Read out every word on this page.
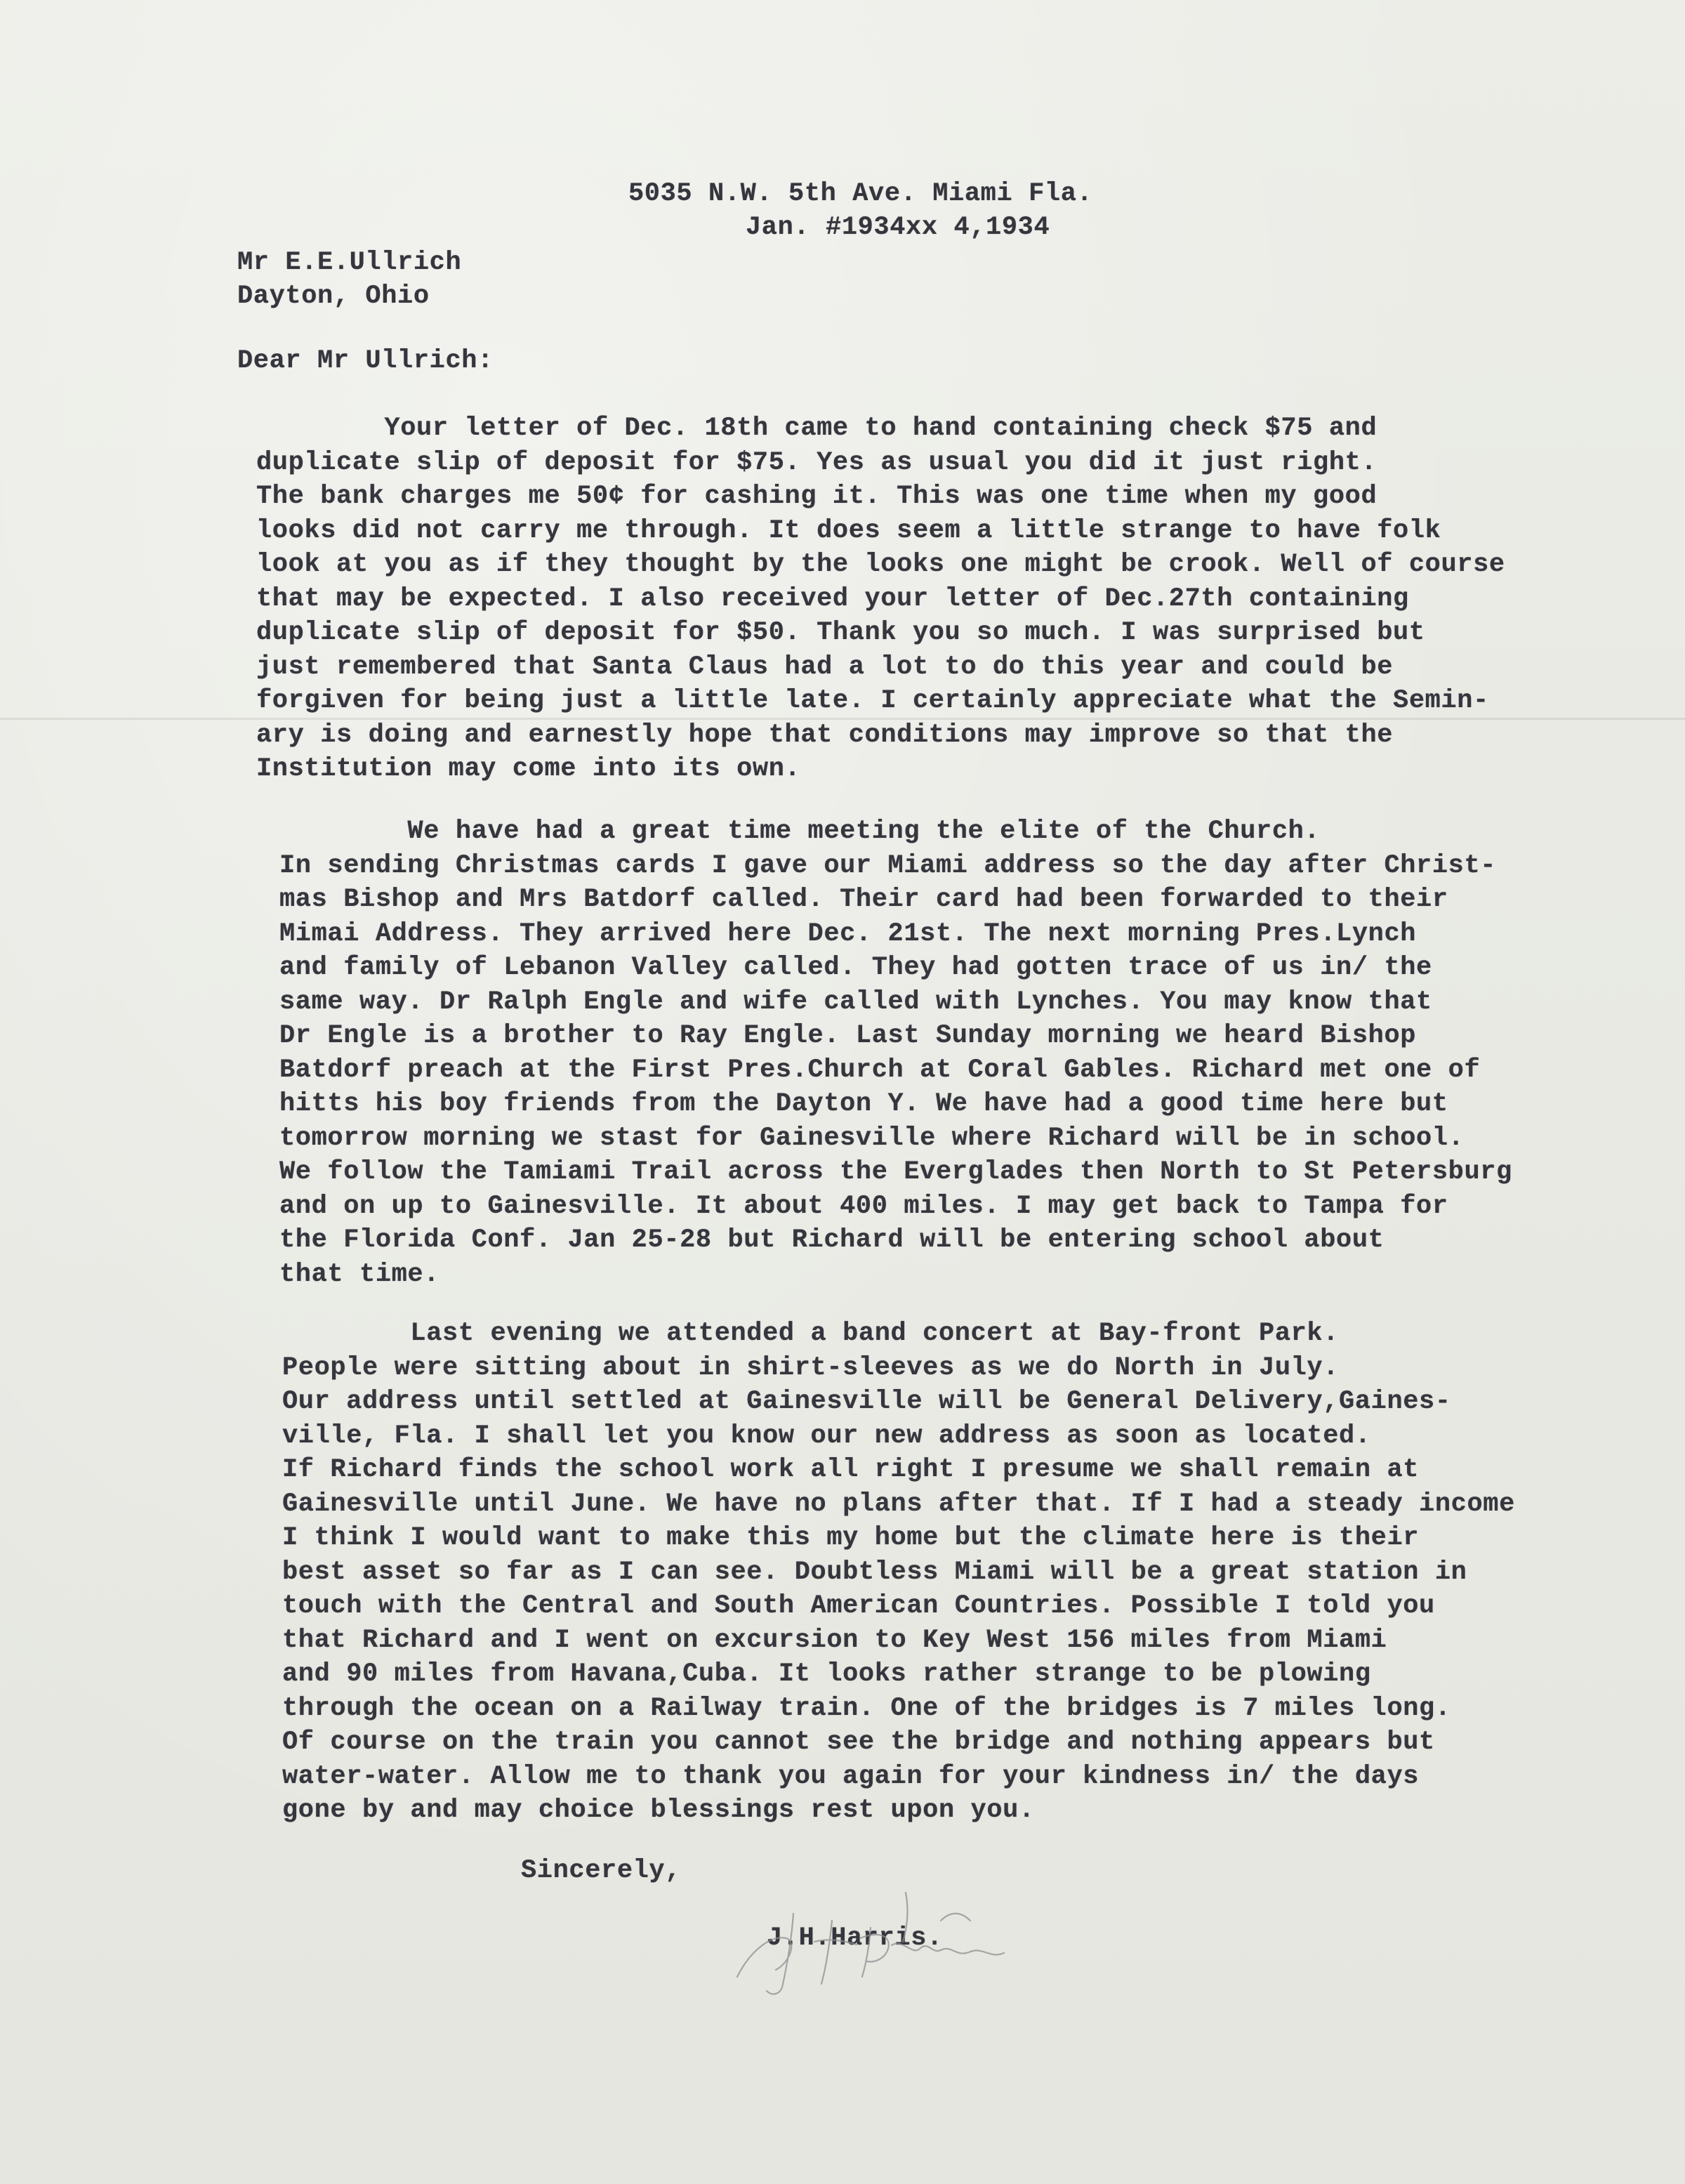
5035 N.W. 5th Ave. Miami Fla.
Jan. #1934xx 4,1934
Mr E.E.Ullrich
Dayton, Ohio
Dear Mr Ullrich:
Your letter of Dec. 18th came to hand containing check $75 and
duplicate slip of deposit for $75. Yes as usual you did it just right.
The bank charges me 50¢ for cashing it. This was one time when my good
looks did not carry me through. It does seem a little strange to have folk
look at you as if they thought by the looks one might be crook. Well of course
that may be expected. I also received your letter of Dec.27th containing
duplicate slip of deposit for $50. Thank you so much. I was surprised but
just remembered that Santa Claus had a lot to do this year and could be
forgiven for being just a little late. I certainly appreciate what the Semin-
ary is doing and earnestly hope that conditions may improve so that the
Institution may come into its own.
We have had a great time meeting the elite of the Church.
In sending Christmas cards I gave our Miami address so the day after Christ-
mas Bishop and Mrs Batdorf called. Their card had been forwarded to their
Mimai Address. They arrived here Dec. 21st. The next morning Pres.Lynch
and family of Lebanon Valley called. They had gotten trace of us in/ the
same way. Dr Ralph Engle and wife called with Lynches. You may know that
Dr Engle is a brother to Ray Engle. Last Sunday morning we heard Bishop
Batdorf preach at the First Pres.Church at Coral Gables. Richard met one of
hitts his boy friends from the Dayton Y. We have had a good time here but
tomorrow morning we stast for Gainesville where Richard will be in school.
We follow the Tamiami Trail across the Everglades then North to St Petersburg
and on up to Gainesville. It about 400 miles. I may get back to Tampa for
the Florida Conf. Jan 25-28 but Richard will be entering school about
that time.
Last evening we attended a band concert at Bay-front Park.
People were sitting about in shirt-sleeves as we do North in July.
Our address until settled at Gainesville will be General Delivery,Gaines-
ville, Fla. I shall let you know our new address as soon as located.
If Richard finds the school work all right I presume we shall remain at
Gainesville until June. We have no plans after that. If I had a steady income
I think I would want to make this my home but the climate here is their
best asset so far as I can see. Doubtless Miami will be a great station in
touch with the Central and South American Countries. Possible I told you
that Richard and I went on excursion to Key West 156 miles from Miami
and 90 miles from Havana,Cuba. It looks rather strange to be plowing
through the ocean on a Railway train. One of the bridges is 7 miles long.
Of course on the train you cannot see the bridge and nothing appears but
water-water. Allow me to thank you again for your kindness in/ the days
gone by and may choice blessings rest upon you.
Sincerely,
J.H.Harris.
